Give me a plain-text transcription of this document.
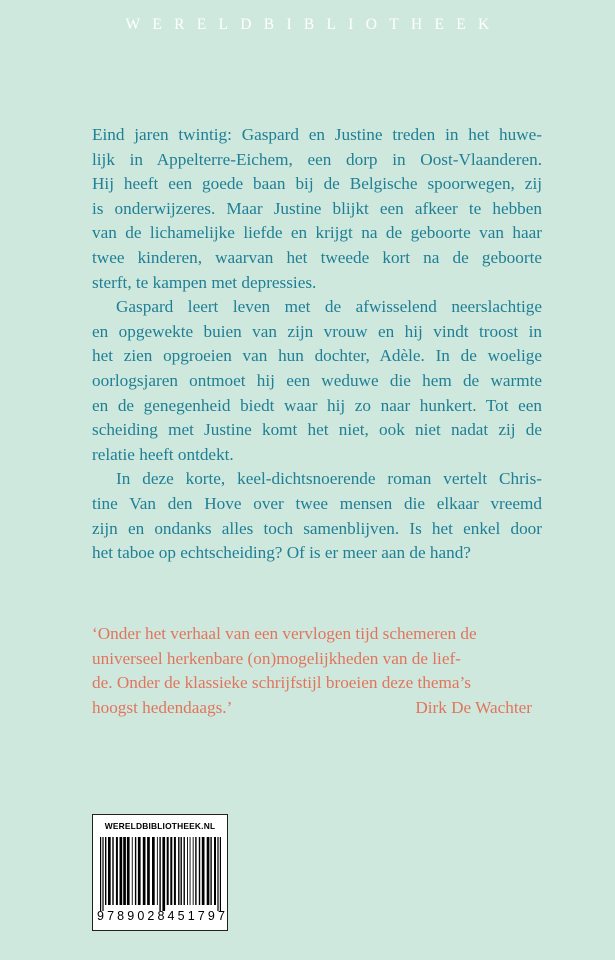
WERELDBIBLIOTHEEK

Eind jaren twintig: Gaspard en Justine treden in het huwe-
lijk in Appelterre-Eichem, een dorp in Oost-Vlaanderen.
Hij heeft een goede baan bij de Belgische spoorwegen, zij
is onderwijzeres. Maar Justine blijkt een afkeer te hebben
van de lichamelijke liefde en krijgt na de geboorte van haar
twee kinderen, waarvan het tweede kort na de geboorte
sterft, te kampen met depressies.

Gaspard leert leven met de afwisselend neerslachtige
en opgewekte buien van zijn vrouw en hij vindt troost in
het zien opgroeien van hun dochter, Adèle. In de woelige
oorlogsjaren ontmoet hij een weduwe die hem de warmte
en de genegenheid biedt waar hij zo naar hunkert. Tot een
scheiding met Justine komt het niet, ook niet nadat zij de
relatie heeft ontdekt.

In deze korte, keel-dichtsnoerende roman vertelt Chris-
tine Van den Hove over twee mensen die elkaar vreemd
zijn en ondanks alles toch samenblijven. Is het enkel door
het taboe op echtscheiding? Of is er meer aan de hand?

‘Onder het verhaal van een vervlogen tijd schemeren de
universeel herkenbare (on)mogelijkheden van de lief-
de. Onder de klassieke schrijfstijl broeien deze thema’s
hoogst hedendaags.’	Dirk De Wachter
WERELDBIBLIOTHEEK.NL
9 7 8 9 0 2 8 4 5 1 7 9 7
